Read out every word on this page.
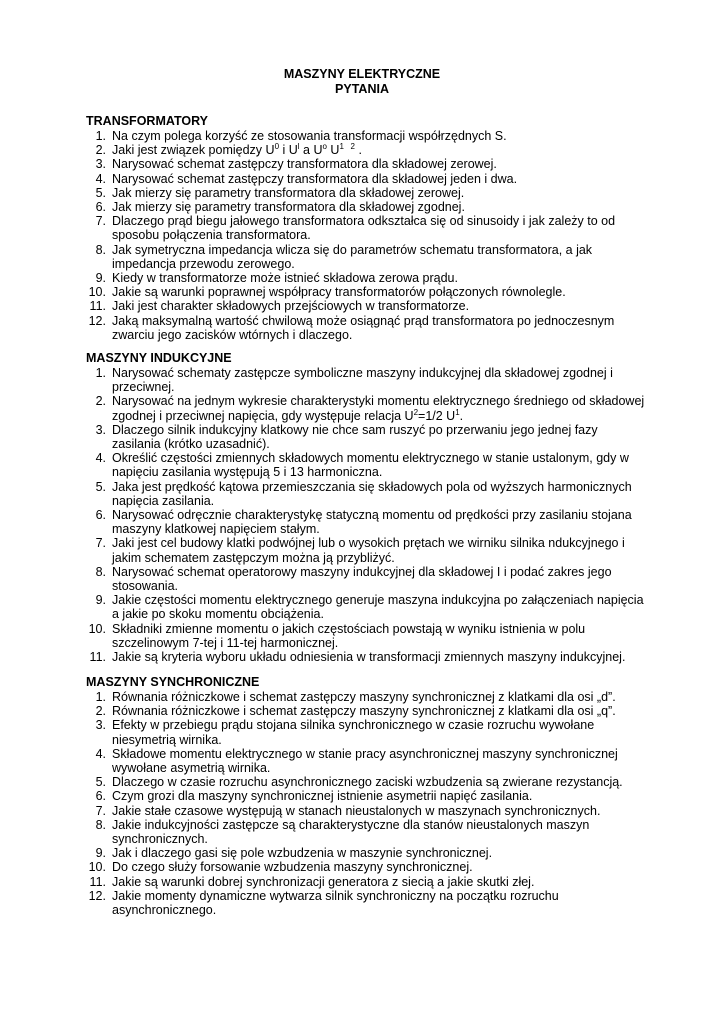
MASZYNY ELEKTRYCZNE
PYTANIA
TRANSFORMATORY
1. Na czym polega korzyść ze stosowania transformacji współrzędnych S.
2. Jaki jest związek pomiędzy $U^0$ i $U^l$ a $U^o$ $U^{1 2}$ .
3. Narysować schemat zastępczy transformatora dla składowej zerowej.
4. Narysować schemat zastępczy transformatora dla składowej jeden i dwa.
5. Jak mierzy się parametry transformatora dla składowej zerowej.
6. Jak mierzy się parametry transformatora dla składowej zgodnej.
7. Dlaczego prąd biegu jałowego transformatora odkształca się od sinusoidy i jak zależy to od sposobu połączenia transformatora.
8. Jak symetryczna impedancja wlicza się do parametrów schematu transformatora, a jak impedancja przewodu zerowego.
9. Kiedy w transformatorze może istnieć składowa zerowa prądu.
10. Jakie są warunki poprawnej współpracy transformatorów połączonych równolegle.
11. Jaki jest charakter składowych przejściowych w transformatorze.
12. Jaką maksymalną wartość chwilową może osiągnąć prąd transformatora po jednoczesnym zwarciu jego zacisków wtórnych i dlaczego.
MASZYNY INDUKCYJNE
1. Narysować schematy zastępcze symboliczne maszyny indukcyjnej dla składowej zgodnej i przeciwnej.
2. Narysować na jednym wykresie charakterystyki momentu elektrycznego średniego od składowej zgodnej i przeciwnej napięcia, gdy występuje relacja $U^2=1/2$ $U^1$.
3. Dlaczego silnik indukcyjny klatkowy nie chce sam ruszyć po przerwaniu jego jednej fazy zasilania (krótko uzasadnić).
4. Określić częstości zmiennych składowych momentu elektrycznego w stanie ustalonym, gdy w napięciu zasilania występują 5 i 13 harmoniczna.
5. Jaka jest prędkość kątowa przemieszczania się składowych pola od wyższych harmonicznych napięcia zasilania.
6. Narysować odręcznie charakterystykę statyczną momentu od prędkości przy zasilaniu stojana maszyny klatkowej napięciem stałym.
7. Jaki jest cel budowy klatki podwójnej lub o wysokich prętach we wirniku silnika ndukcyjnego i jakim schematem zastępczym można ją przybliżyć.
8. Narysować schemat operatorowy maszyny indukcyjnej dla składowej I i podać zakres jego stosowania.
9. Jakie częstości momentu elektrycznego generuje maszyna indukcyjna po załączeniach napięcia a jakie po skoku momentu obciążenia.
10. Składniki zmienne momentu o jakich częstościach powstają w wyniku istnienia w polu szczelinowym 7-tej i 11-tej harmonicznej.
11. Jakie są kryteria wyboru układu odniesienia w transformacji zmiennych maszyny indukcyjnej.
MASZYNY SYNCHRONICZNE
1. Równania różniczkowe i schemat zastępczy maszyny synchronicznej z klatkami dla osi „d”.
2. Równania różniczkowe i schemat zastępczy maszyny synchronicznej z klatkami dla osi „q”.
3. Efekty w przebiegu prądu stojana silnika synchronicznego w czasie rozruchu wywołane niesymetrią wirnika.
4. Składowe momentu elektrycznego w stanie pracy asynchronicznej maszyny synchronicznej wywołane asymetrią wirnika.
5. Dlaczego w czasie rozruchu asynchronicznego zaciski wzbudzenia są zwierane rezystancją.
6. Czym grozi dla maszyny synchronicznej istnienie asymetrii napięć zasilania.
7. Jakie stałe czasowe występują w stanach nieustalonych w maszynach synchronicznych.
8. Jakie indukcyjności zastępcze są charakterystyczne dla stanów nieustalonych maszyn synchronicznych.
9. Jak i dlaczego gasi się pole wzbudzenia w maszynie synchronicznej.
10. Do czego służy forsowanie wzbudzenia maszyny synchronicznej.
11. Jakie są warunki dobrej synchronizacji generatora z siecią a jakie skutki złej.
12. Jakie momenty dynamiczne wytwarza silnik synchroniczny na początku rozruchu asynchronicznego.
